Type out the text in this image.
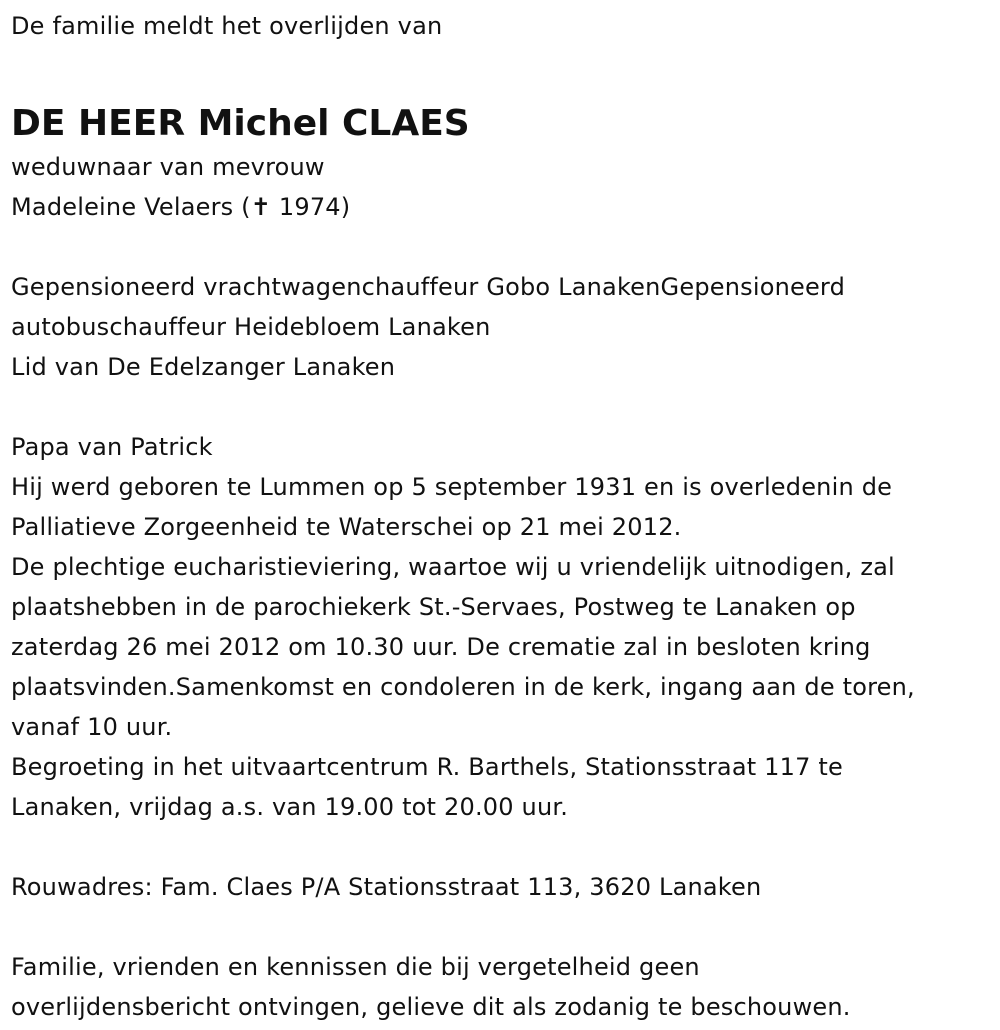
De familie meldt het overlijden van
DE HEER Michel CLAES
weduwnaar van mevrouw
Madeleine Velaers (✝ 1974)
Gepensioneerd vrachtwagenchauffeur Gobo LanakenGepensioneerd
autobuschauffeur Heidebloem Lanaken
Lid van De Edelzanger Lanaken
Papa van Patrick
Hij werd geboren te Lummen op 5 september 1931 en is overledenin de
Palliatieve Zorgeenheid te Waterschei op 21 mei 2012.
De plechtige eucharistieviering, waartoe wij u vriendelijk uitnodigen, zal
plaatshebben in de parochiekerk St.-Servaes, Postweg te Lanaken op
zaterdag 26 mei 2012 om 10.30 uur. De crematie zal in besloten kring
plaatsvinden.Samenkomst en condoleren in de kerk, ingang aan de toren,
vanaf 10 uur.
Begroeting in het uitvaartcentrum R. Barthels, Stationsstraat 117 te
Lanaken, vrijdag a.s. van 19.00 tot 20.00 uur.
Rouwadres: Fam. Claes P/A Stationsstraat 113, 3620 Lanaken
Familie, vrienden en kennissen die bij vergetelheid geen
overlijdensbericht ontvingen, gelieve dit als zodanig te beschouwen.
